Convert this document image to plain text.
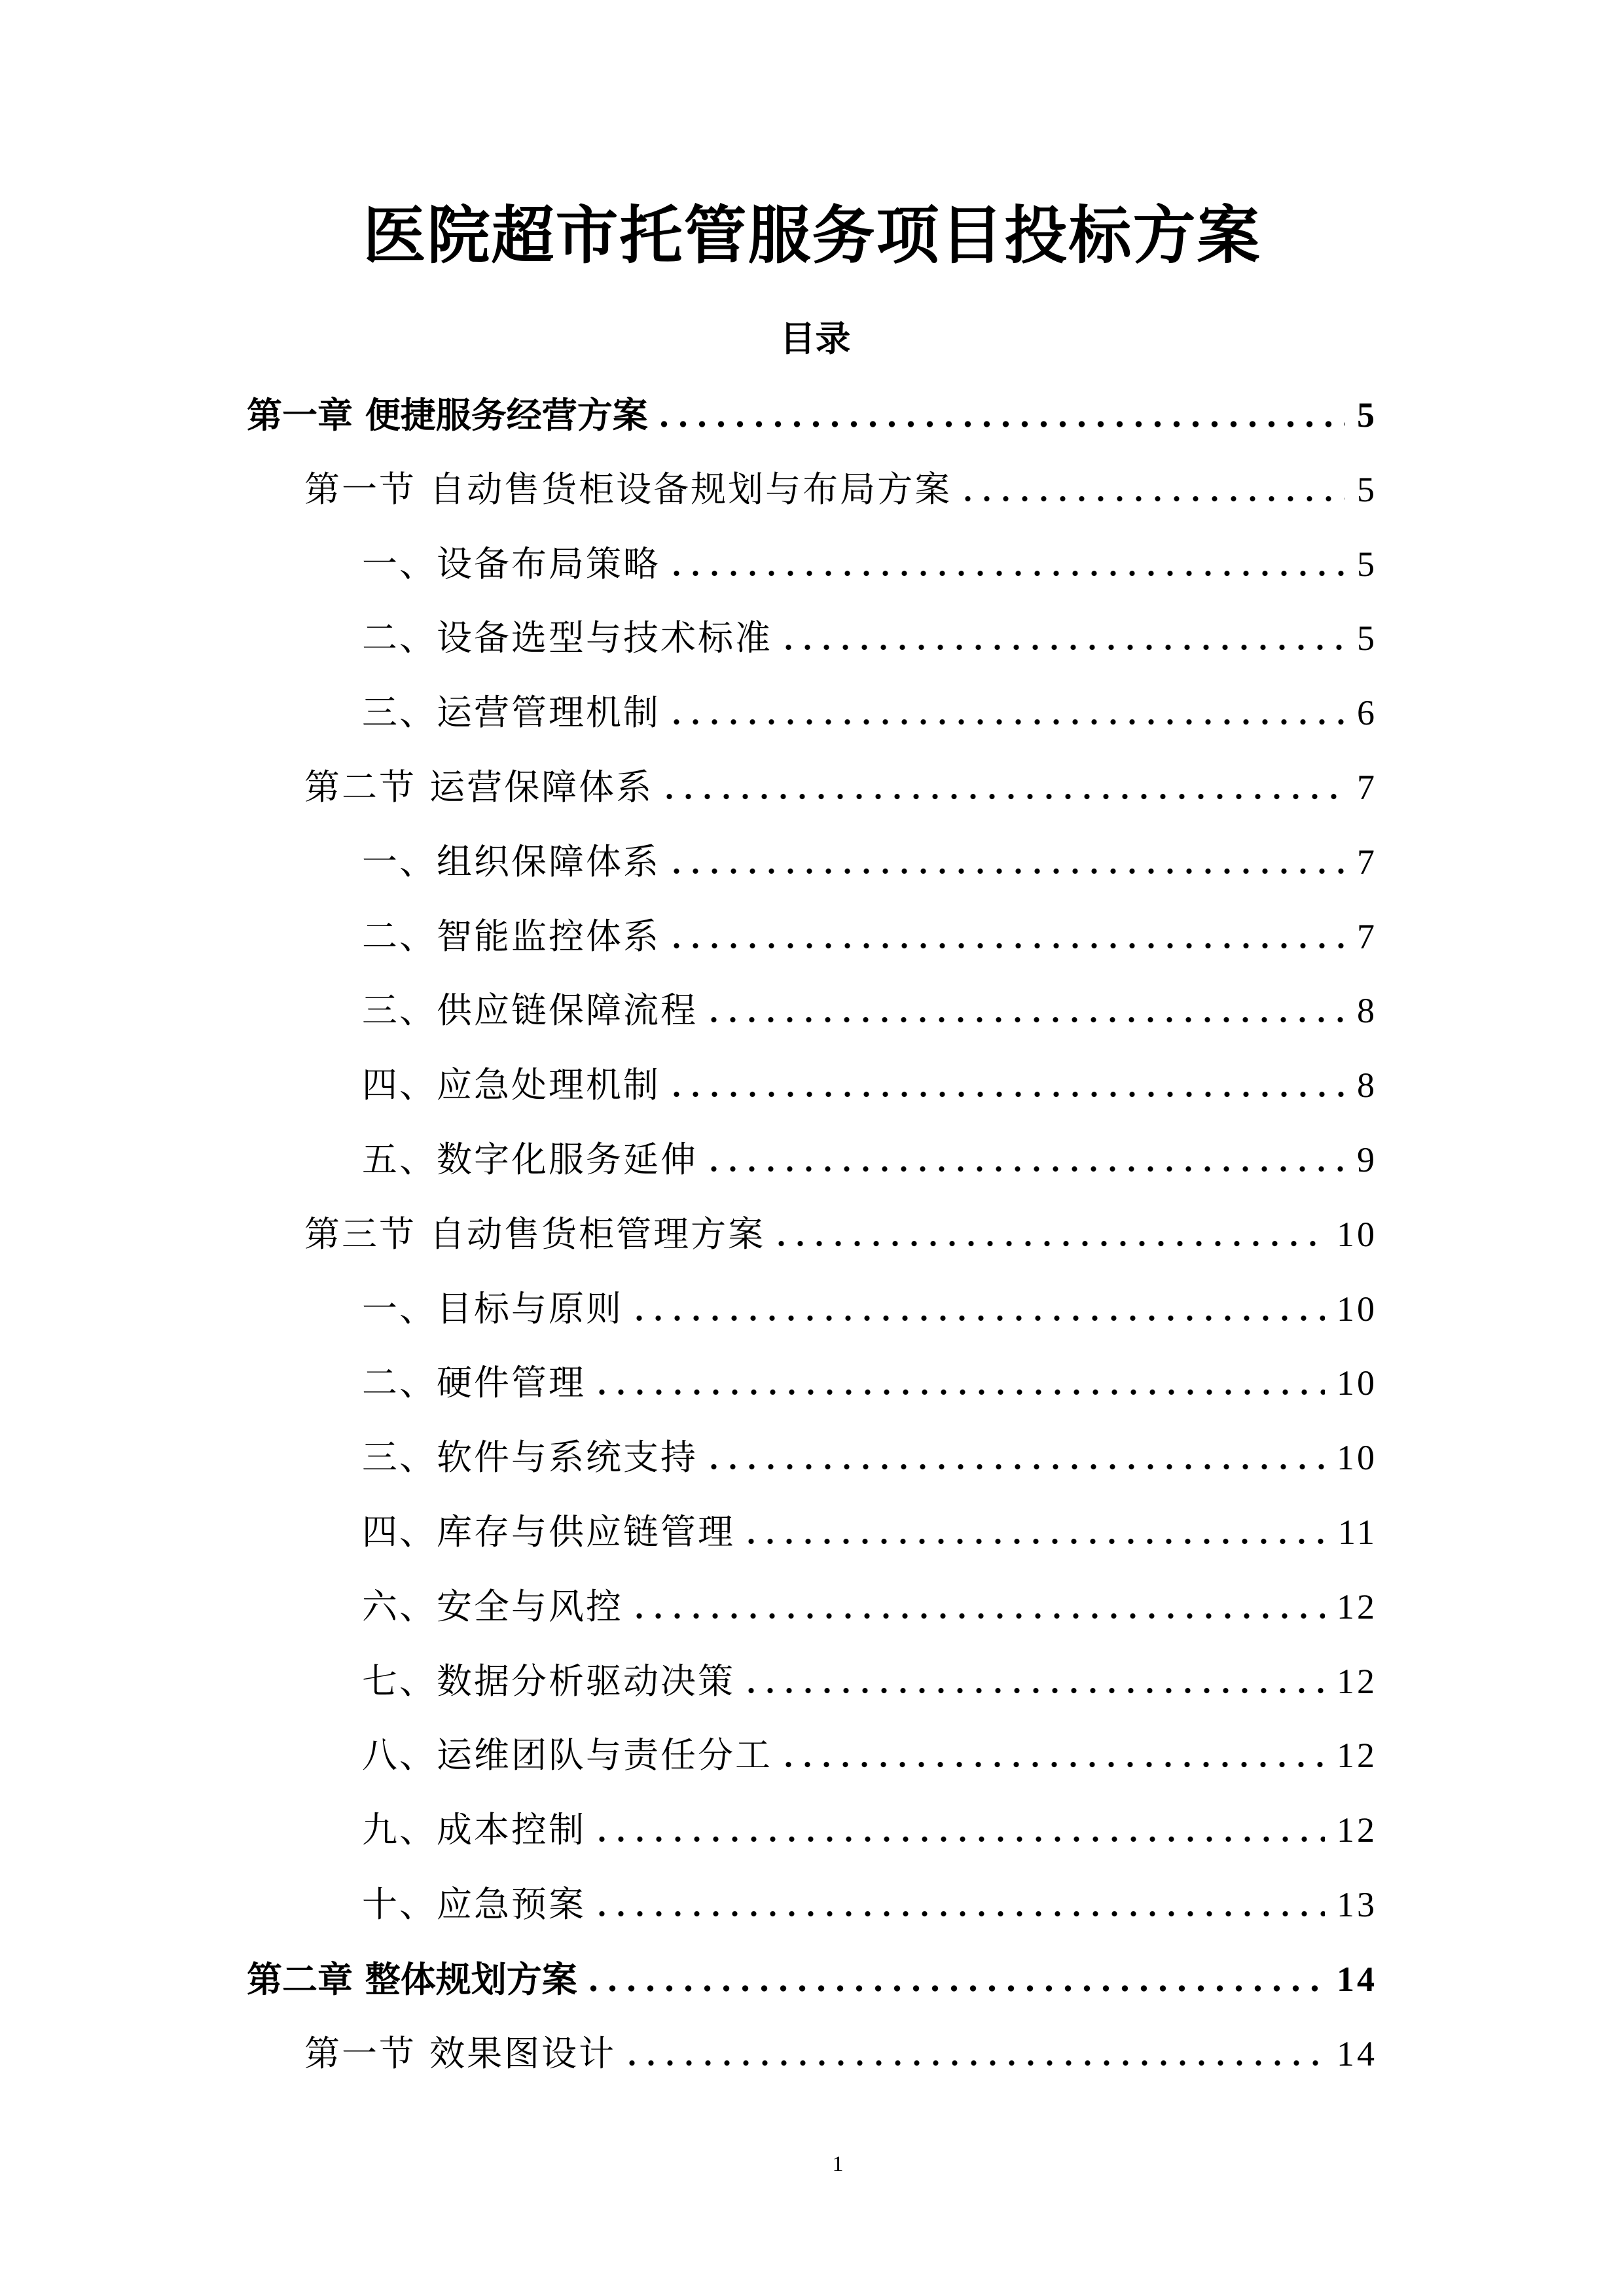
医院超市托管服务项目投标方案
目录
第一章 便捷服务经营方案	5
第一节 自动售货柜设备规划与布局方案	5
一、设备布局策略	5
二、设备选型与技术标准	5
三、运营管理机制	6
第二节 运营保障体系	7
一、组织保障体系	7
二、智能监控体系	7
三、供应链保障流程	8
四、应急处理机制	8
五、数字化服务延伸	9
第三节 自动售货柜管理方案	10
一、目标与原则	10
二、硬件管理	10
三、软件与系统支持	10
四、库存与供应链管理	11
六、安全与风控	12
七、数据分析驱动决策	12
八、运维团队与责任分工	12
九、成本控制	12
十、应急预案	13
第二章 整体规划方案	14
第一节 效果图设计	14
1
